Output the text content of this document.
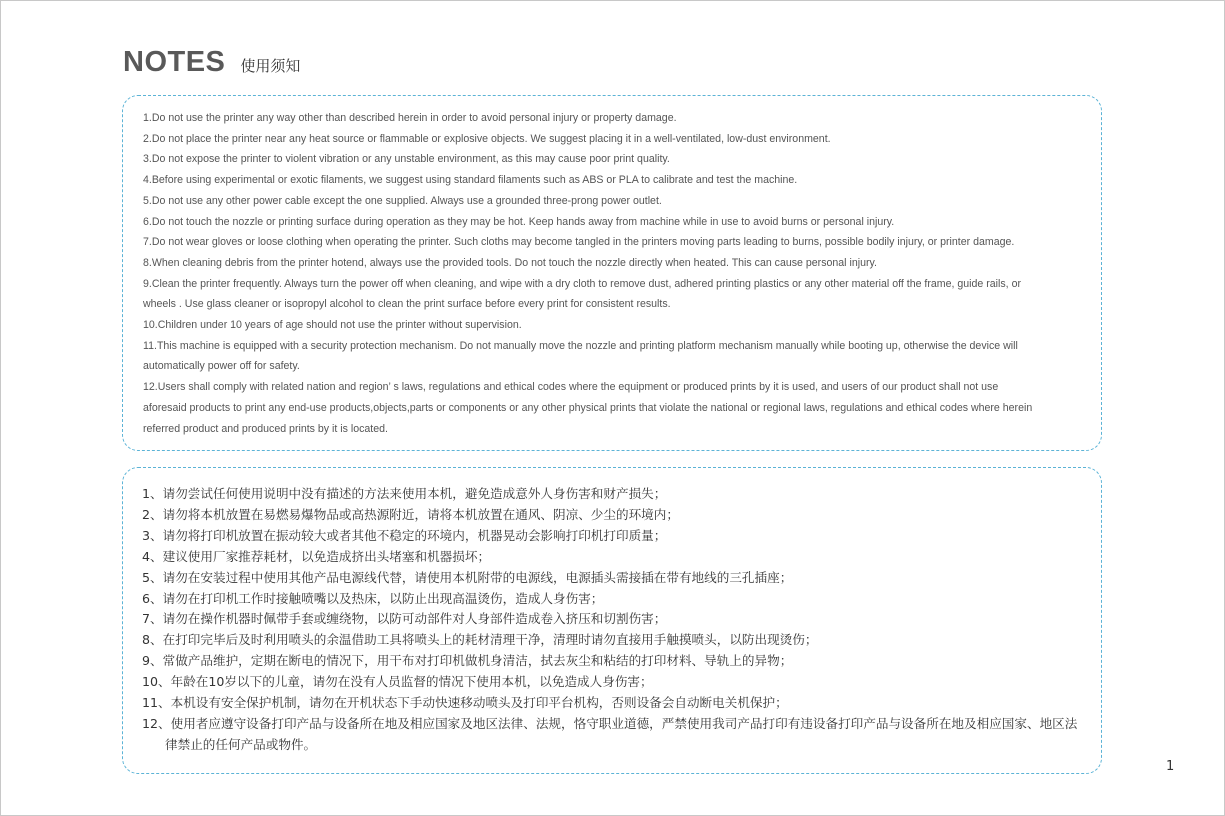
NOTES 使用须知
1.Do not use the printer any way other than described herein in order to avoid personal injury or property damage.
2.Do not place the printer near any heat source or flammable or explosive objects. We suggest placing it in a well-ventilated, low-dust environment.
3.Do not expose the printer to violent vibration or any unstable environment, as this may cause poor print quality.
4.Before using experimental or exotic filaments, we suggest using standard filaments such as ABS or PLA to calibrate and test the machine.
5.Do not use any other power cable except the one supplied. Always use a grounded three-prong power outlet.
6.Do not touch the nozzle or printing surface during operation as they may be hot. Keep hands away from machine while in use to avoid burns or personal injury.
7.Do not wear gloves or loose clothing when operating the printer. Such cloths may become tangled in the printers moving parts leading to burns, possible bodily injury, or printer damage.
8.When cleaning debris from the printer hotend, always use the provided tools. Do not touch the nozzle directly when heated. This can cause personal injury.
9.Clean the printer frequently. Always turn the power off when cleaning, and wipe with a dry cloth to remove dust, adhered printing plastics or any other material off the frame, guide rails, or
wheels . Use glass cleaner or isopropyl alcohol to clean the print surface before every print for consistent results.
10.Children under 10 years of age should not use the printer without supervision.
11.This machine is equipped with a security protection mechanism. Do not manually move the nozzle and printing platform mechanism manually while booting up, otherwise the device will
automatically power off for safety.
12.Users shall comply with related nation and region’ s laws, regulations and ethical codes where the equipment or produced prints by it is used, and users of our product shall not use
aforesaid products to print any end-use products,objects,parts or components or any other physical prints that violate the national or regional laws, regulations and ethical codes where herein
referred product and produced prints by it is located.
1、请勿尝试任何使用说明中没有描述的方法来使用本机，避免造成意外人身伤害和财产损失；
2、请勿将本机放置在易燃易爆物品或高热源附近，请将本机放置在通风、阴凉、少尘的环境内；
3、请勿将打印机放置在振动较大或者其他不稳定的环境内，机器晃动会影响打印机打印质量；
4、建议使用厂家推荐耗材，以免造成挤出头堵塞和机器损坏；
5、请勿在安装过程中使用其他产品电源线代替，请使用本机附带的电源线，电源插头需接插在带有地线的三孔插座；
6、请勿在打印机工作时接触喷嘴以及热床，以防止出现高温烫伤，造成人身伤害；
7、请勿在操作机器时佩带手套或缠绕物，以防可动部件对人身部件造成卷入挤压和切割伤害；
8、在打印完毕后及时利用喷头的余温借助工具将喷头上的耗材清理干净，清理时请勿直接用手触摸喷头，以防出现烫伤；
9、常做产品维护，定期在断电的情况下，用干布对打印机做机身清洁，拭去灰尘和粘结的打印材料、导轨上的异物；
10、年龄在10岁以下的儿童，请勿在没有人员监督的情况下使用本机，以免造成人身伤害；
11、本机设有安全保护机制，请勿在开机状态下手动快速移动喷头及打印平台机构，否则设备会自动断电关机保护；
12、使用者应遵守设备打印产品与设备所在地及相应国家及地区法律、法规，恪守职业道德，严禁使用我司产品打印有违设备打印产品与设备所在地及相应国家、地区法律禁止的任何产品或物件。
1
